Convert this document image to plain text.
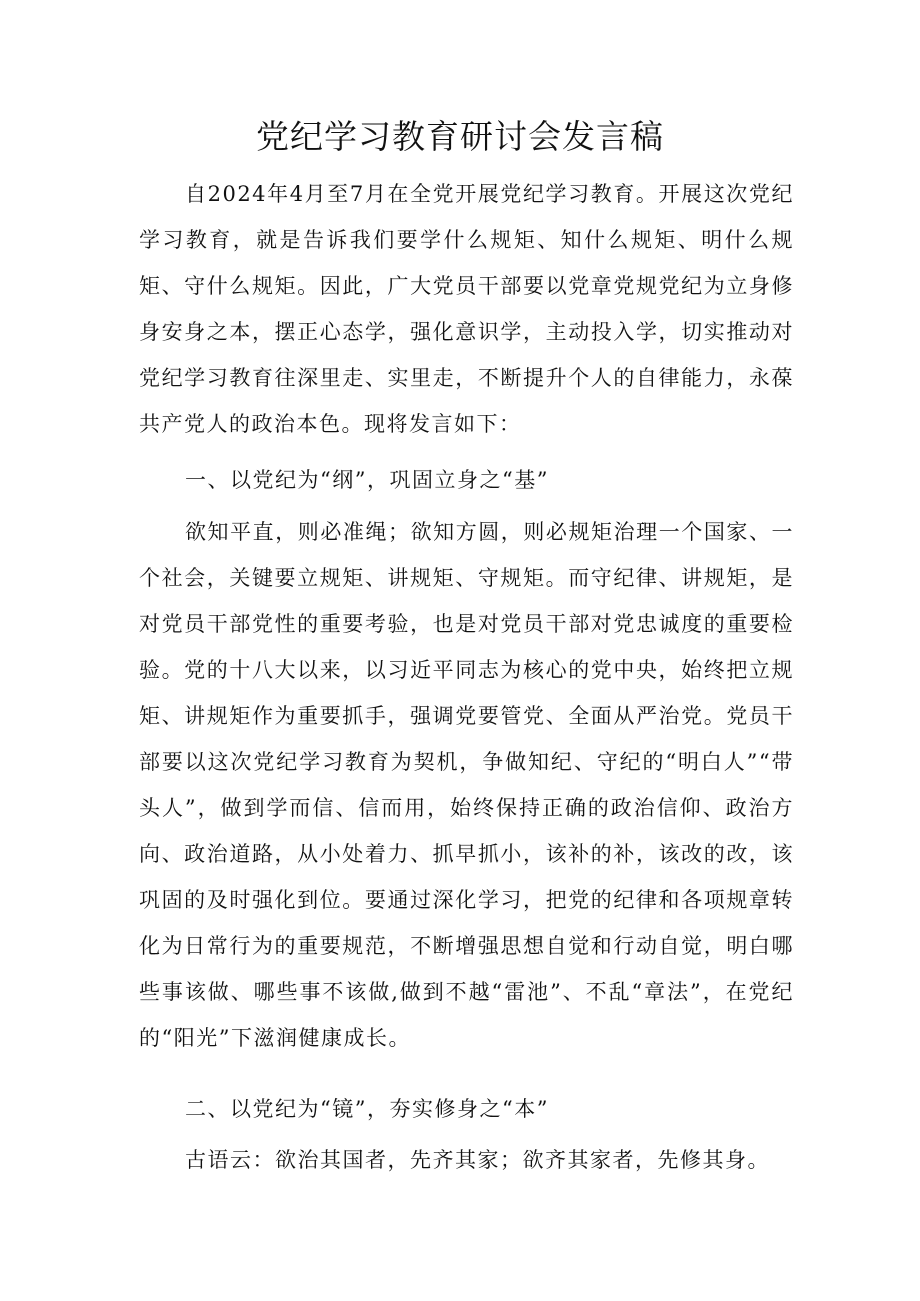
党纪学习教育研讨会发言稿

自2024年4月至7月在全党开展党纪学习教育。开展这次党纪学习教育，就是告诉我们要学什么规矩、知什么规矩、明什么规矩、守什么规矩。因此，广大党员干部要以党章党规党纪为立身修身安身之本，摆正心态学，强化意识学，主动投入学，切实推动对党纪学习教育往深里走、实里走，不断提升个人的自律能力，永葆共产党人的政治本色。现将发言如下：

一、以党纪为“纲”，巩固立身之“基”

欲知平直，则必准绳；欲知方圆，则必规矩治理一个国家、一个社会，关键要立规矩、讲规矩、守规矩。而守纪律、讲规矩，是对党员干部党性的重要考验，也是对党员干部对党忠诚度的重要检验。党的十八大以来，以习近平同志为核心的党中央，始终把立规矩、讲规矩作为重要抓手，强调党要管党、全面从严治党。党员干部要以这次党纪学习教育为契机，争做知纪、守纪的“明白人”“带头人”，做到学而信、信而用，始终保持正确的政治信仰、政治方向、政治道路，从小处着力、抓早抓小，该补的补，该改的改，该巩固的及时强化到位。要通过深化学习，把党的纪律和各项规章转化为日常行为的重要规范，不断增强思想自觉和行动自觉，明白哪些事该做、哪些事不该做,做到不越“雷池”、不乱“章法”，在党纪的“阳光”下滋润健康成长。

二、以党纪为“镜”，夯实修身之“本”

古语云：欲治其国者，先齐其家；欲齐其家者，先修其身。
